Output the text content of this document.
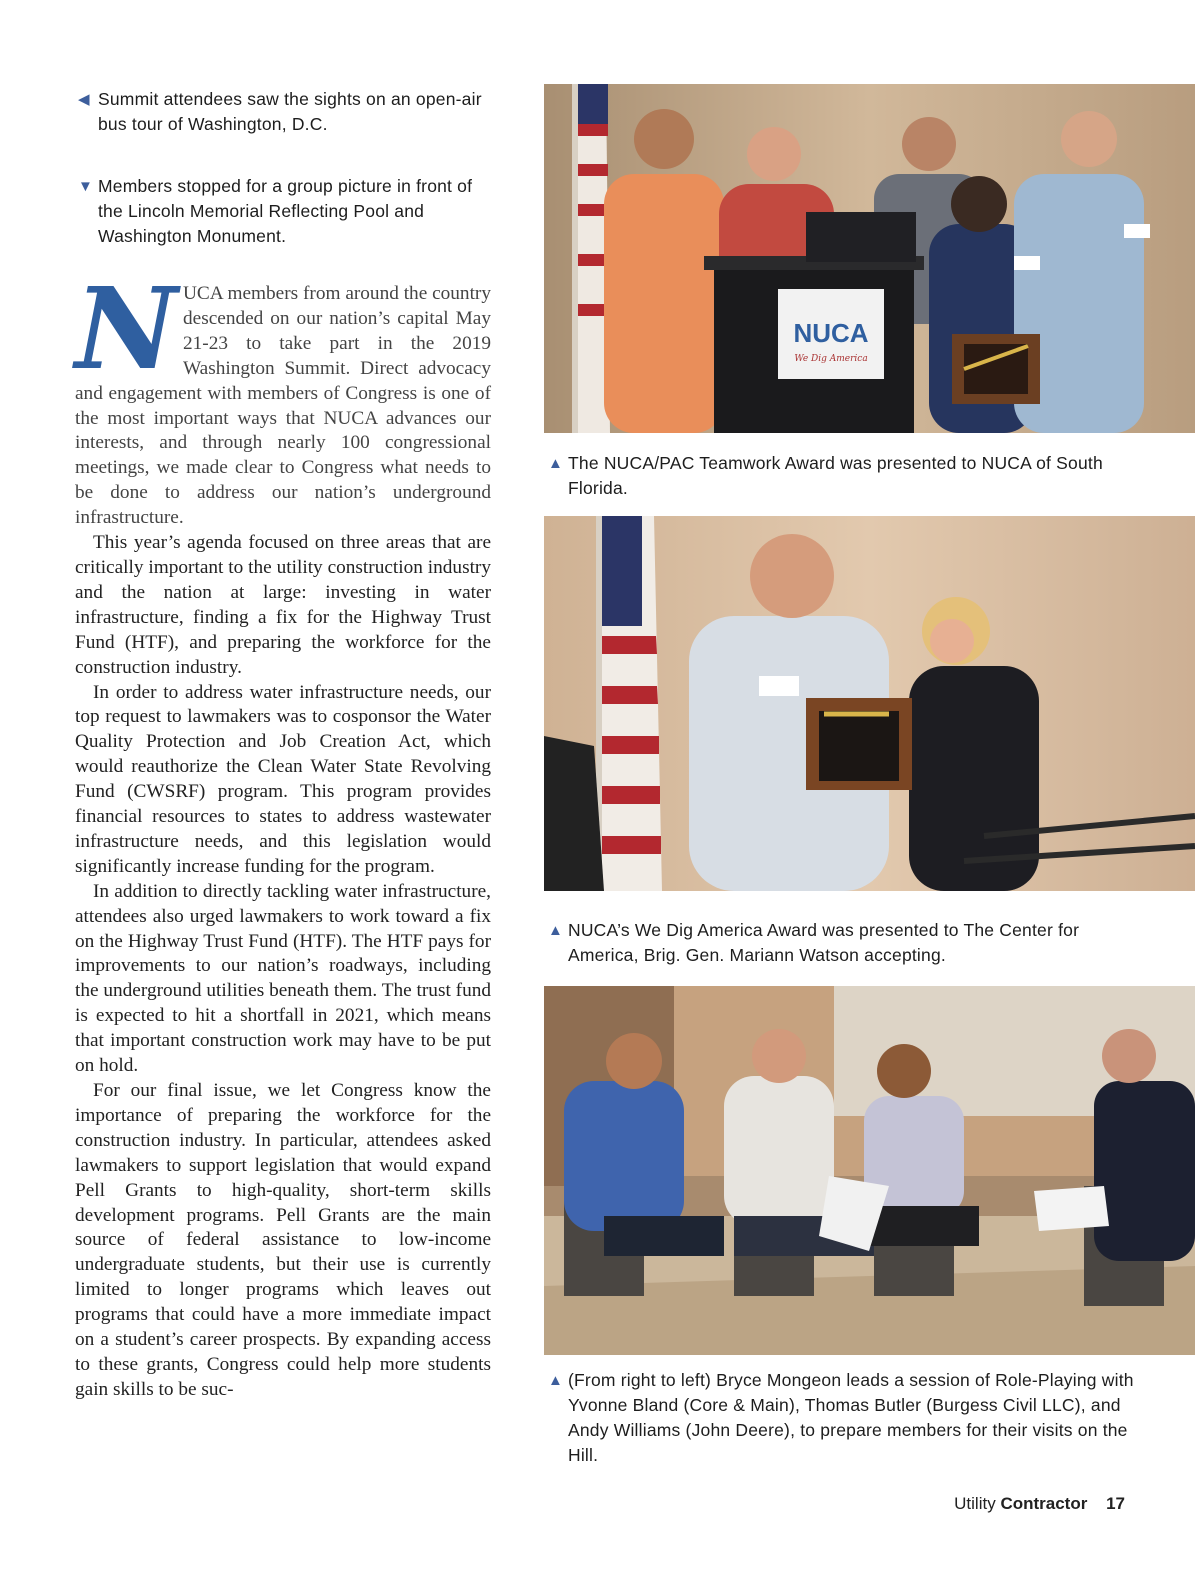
◀ Summit attendees saw the sights on an open-air bus tour of Washington, D.C.
▼ Members stopped for a group picture in front of the Lincoln Memorial Reflecting Pool and Washington Monument.
N UCA members from around the country descended on our nation’s capital May 21-23 to take part in the 2019 Washington Summit. Direct advocacy and engagement with members of Congress is one of the most important ways that NUCA advances our interests, and through nearly 100 congressional meetings, we made clear to Congress what needs to be done to address our nation’s underground infrastructure.

This year’s agenda focused on three areas that are critically important to the utility construction industry and the nation at large: investing in water infrastructure, finding a fix for the Highway Trust Fund (HTF), and preparing the workforce for the construction industry.

In order to address water infrastructure needs, our top request to lawmakers was to cosponsor the Water Quality Protection and Job Creation Act, which would reauthorize the Clean Water State Revolving Fund (CWSRF) program. This program provides financial resources to states to address wastewater infrastructure needs, and this legislation would significantly increase funding for the program.

In addition to directly tackling water infrastructure, attendees also urged lawmakers to work toward a fix on the Highway Trust Fund (HTF). The HTF pays for improvements to our nation’s roadways, including the underground utilities beneath them. The trust fund is expected to hit a shortfall in 2021, which means that important construction work may have to be put on hold.

For our final issue, we let Congress know the importance of preparing the workforce for the construction industry. In particular, attendees asked lawmakers to support legislation that would expand Pell Grants to high-quality, short-term skills development programs. Pell Grants are the main source of federal assistance to low-income undergraduate students, but their use is currently limited to longer programs which leaves out programs that could have a more immediate impact on a student’s career prospects. By expanding access to these grants, Congress could help more students gain skills to be suc-

NUCA
We Dig America
▲ The NUCA/PAC Teamwork Award was presented to NUCA of South Florida.
▲ NUCA’s We Dig America Award was presented to The Center for America, Brig. Gen. Mariann Watson accepting.
▲ (From right to left) Bryce Mongeon leads a session of Role-Playing with Yvonne Bland (Core & Main), Thomas Butler (Burgess Civil LLC), and Andy Williams (John Deere), to prepare members for their visits on the Hill.
Utility Contractor 17
